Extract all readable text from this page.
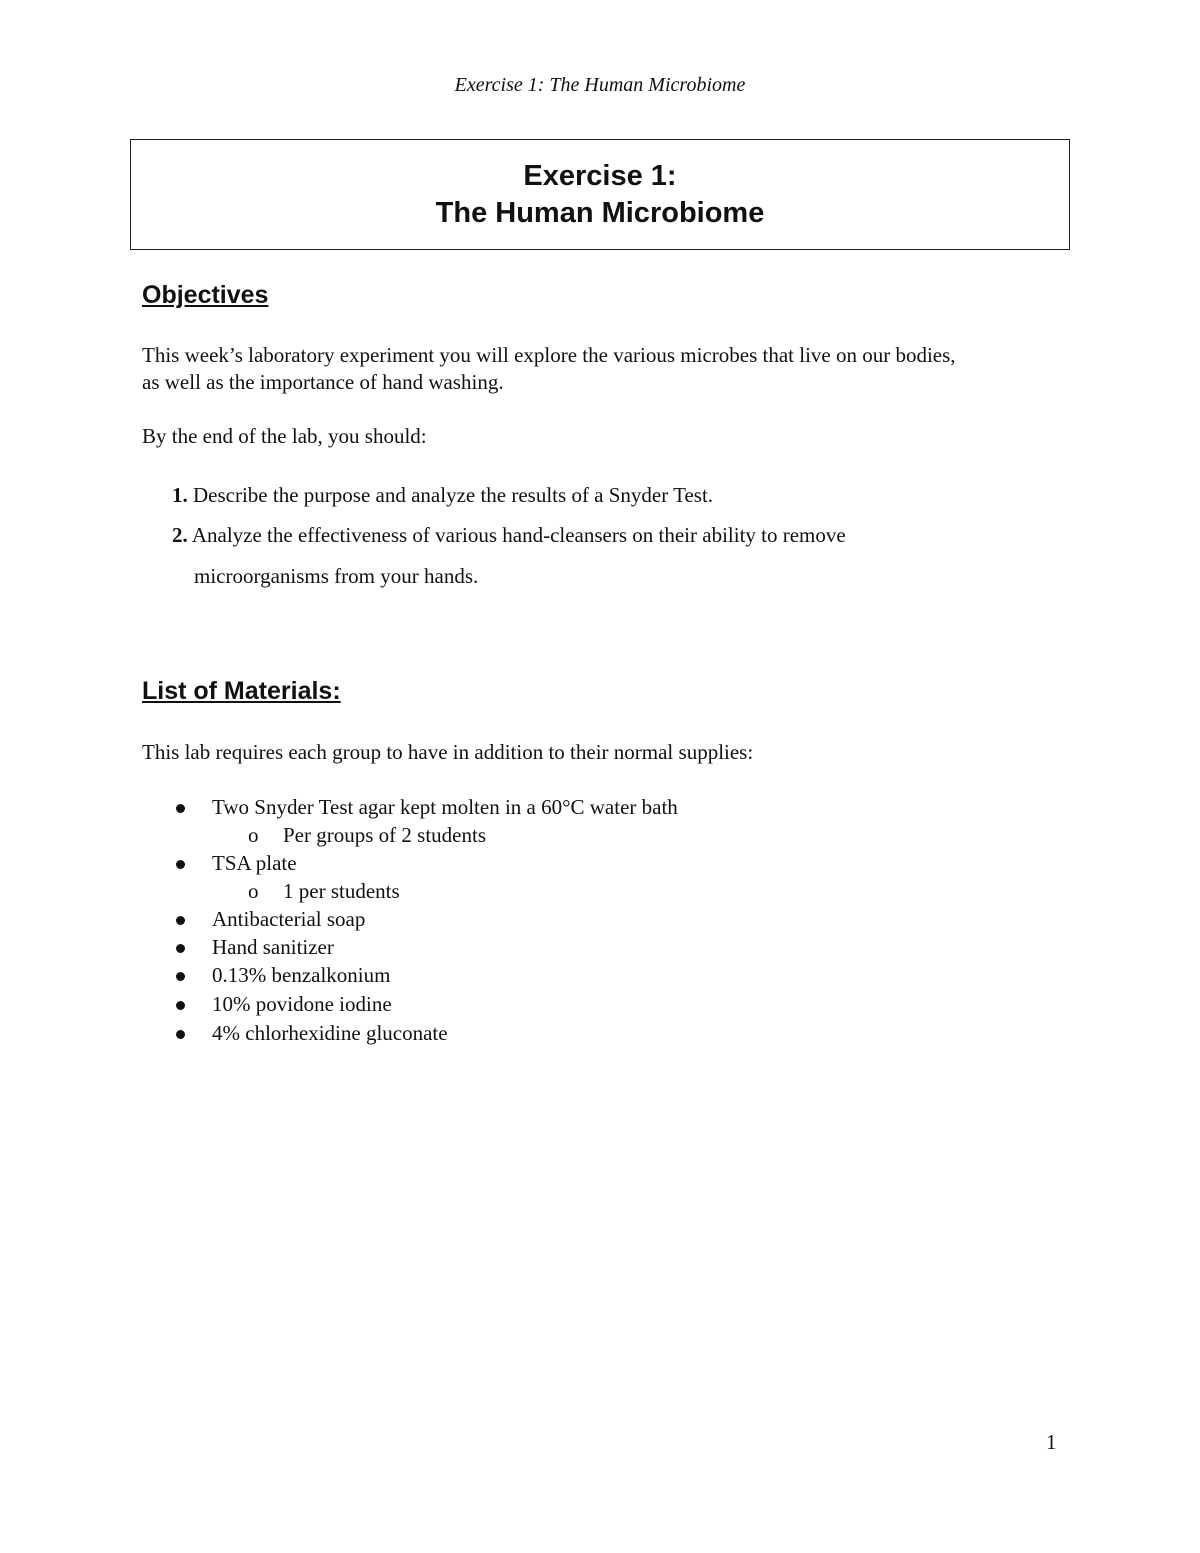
Exercise 1: The Human Microbiome
Exercise 1:
The Human Microbiome
Objectives
This week’s laboratory experiment you will explore the various microbes that live on our bodies,
as well as the importance of hand washing.
By the end of the lab, you should:
1. Describe the purpose and analyze the results of a Snyder Test.
2. Analyze the effectiveness of various hand-cleansers on their ability to remove
microorganisms from your hands.
List of Materials:
This lab requires each group to have in addition to their normal supplies:
Two Snyder Test agar kept molten in a 60°C water bath
o Per groups of 2 students
TSA plate
o 1 per students
Antibacterial soap
Hand sanitizer
0.13% benzalkonium
10% povidone iodine
4% chlorhexidine gluconate
1
